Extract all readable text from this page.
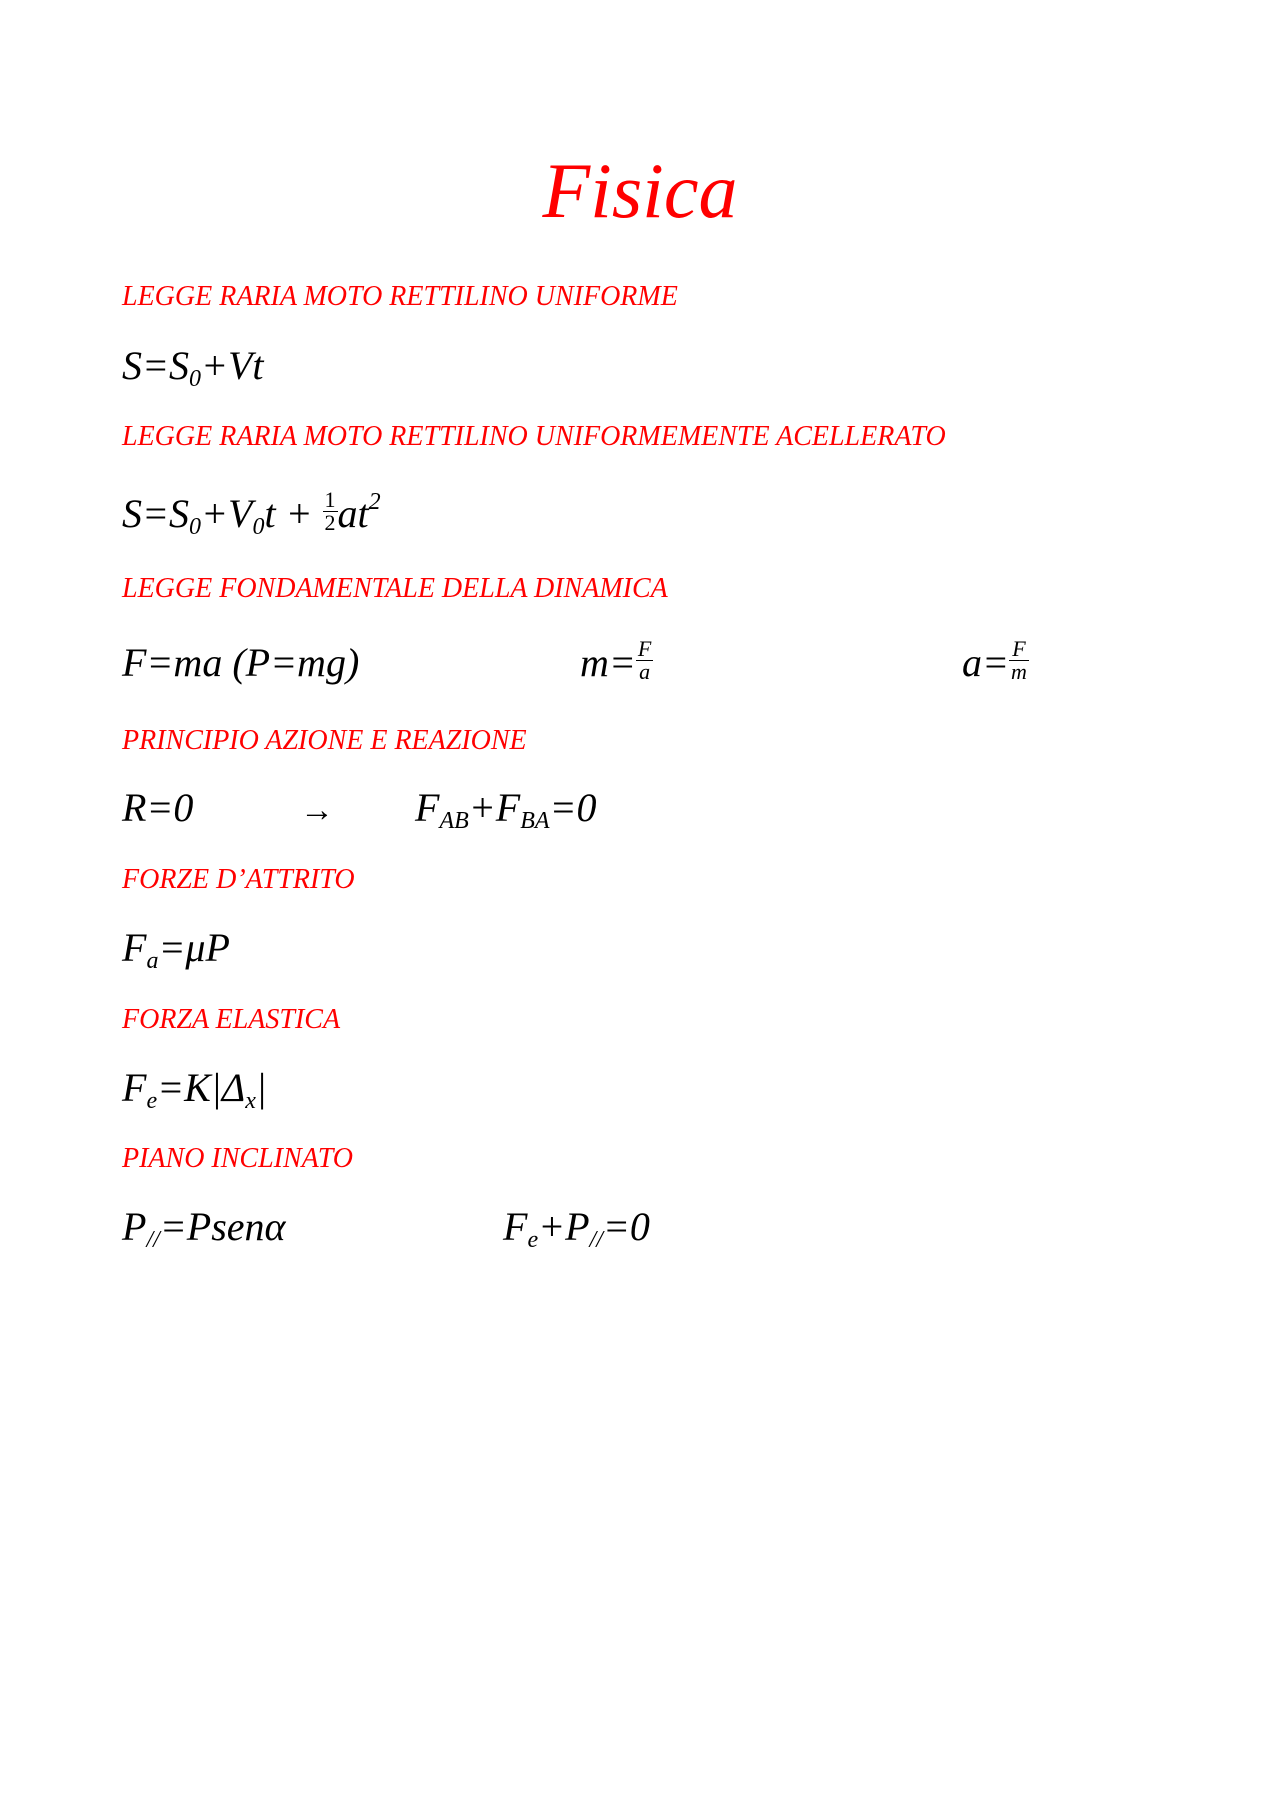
Fisica
LEGGE RARIA MOTO RETTILINO UNIFORME
$S=S_0+Vt$
LEGGE RARIA MOTO RETTILINO UNIFORMEMENTE ACELLERATO
$S=S_0+V_0t + \frac{1}{2} at^2$
LEGGE FONDAMENTALE DELLA DINAMICA
F=ma (P=mg)	$m= \frac{F}{a}$	$a= \frac{F}{m}$
PRINCIPIO AZIONE E REAZIONE
R=0	→ $F_{AB}+F_{BA}=0$
FORZE D’ATTRITO
$F_a=\mu P$
FORZA ELASTICA
$F_e=K|\Delta_x|$
PIANO INCLINATO
$P_{//}=Psen\alpha$	$F_e+P_{//}=0$
